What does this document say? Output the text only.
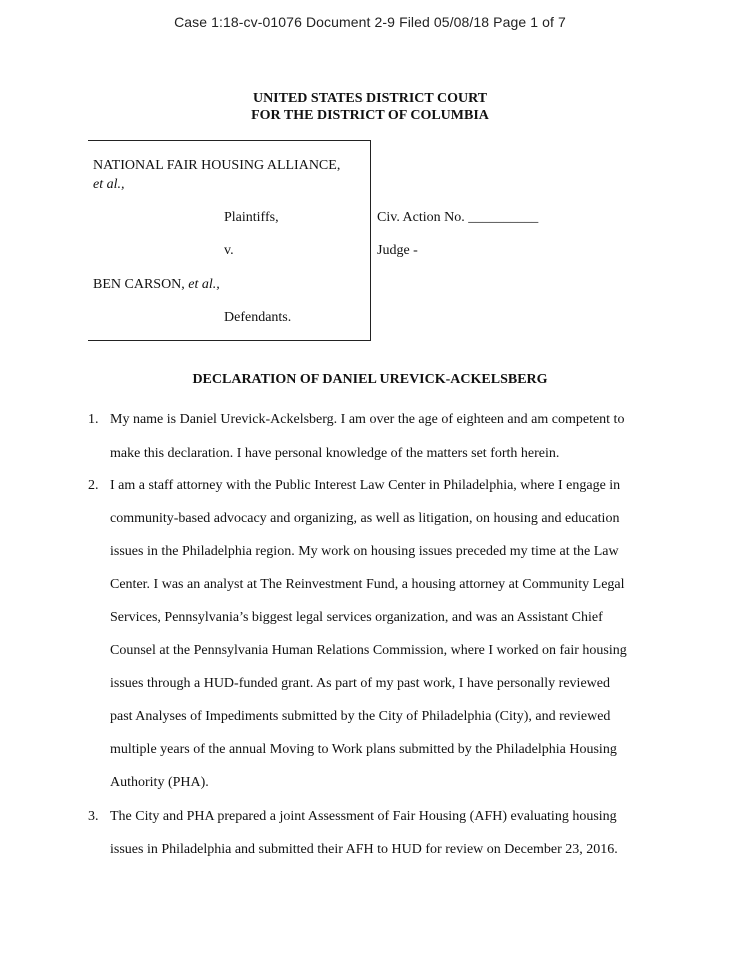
Case 1:18-cv-01076 Document 2-9 Filed 05/08/18 Page 1 of 7
UNITED STATES DISTRICT COURT
FOR THE DISTRICT OF COLUMBIA
NATIONAL FAIR HOUSING ALLIANCE,
et al.,
Plaintiffs,
v.
BEN CARSON, et al.,
Defendants.
Civ. Action No. __________
Judge -
DECLARATION OF DANIEL UREVICK-ACKELSBERG
1. My name is Daniel Urevick-Ackelsberg. I am over the age of eighteen and am competent to
make this declaration. I have personal knowledge of the matters set forth herein.
2. I am a staff attorney with the Public Interest Law Center in Philadelphia, where I engage in
community-based advocacy and organizing, as well as litigation, on housing and education
issues in the Philadelphia region. My work on housing issues preceded my time at the Law
Center. I was an analyst at The Reinvestment Fund, a housing attorney at Community Legal
Services, Pennsylvania’s biggest legal services organization, and was an Assistant Chief
Counsel at the Pennsylvania Human Relations Commission, where I worked on fair housing
issues through a HUD-funded grant. As part of my past work, I have personally reviewed
past Analyses of Impediments submitted by the City of Philadelphia (City), and reviewed
multiple years of the annual Moving to Work plans submitted by the Philadelphia Housing
Authority (PHA).
3. The City and PHA prepared a joint Assessment of Fair Housing (AFH) evaluating housing
issues in Philadelphia and submitted their AFH to HUD for review on December 23, 2016.
